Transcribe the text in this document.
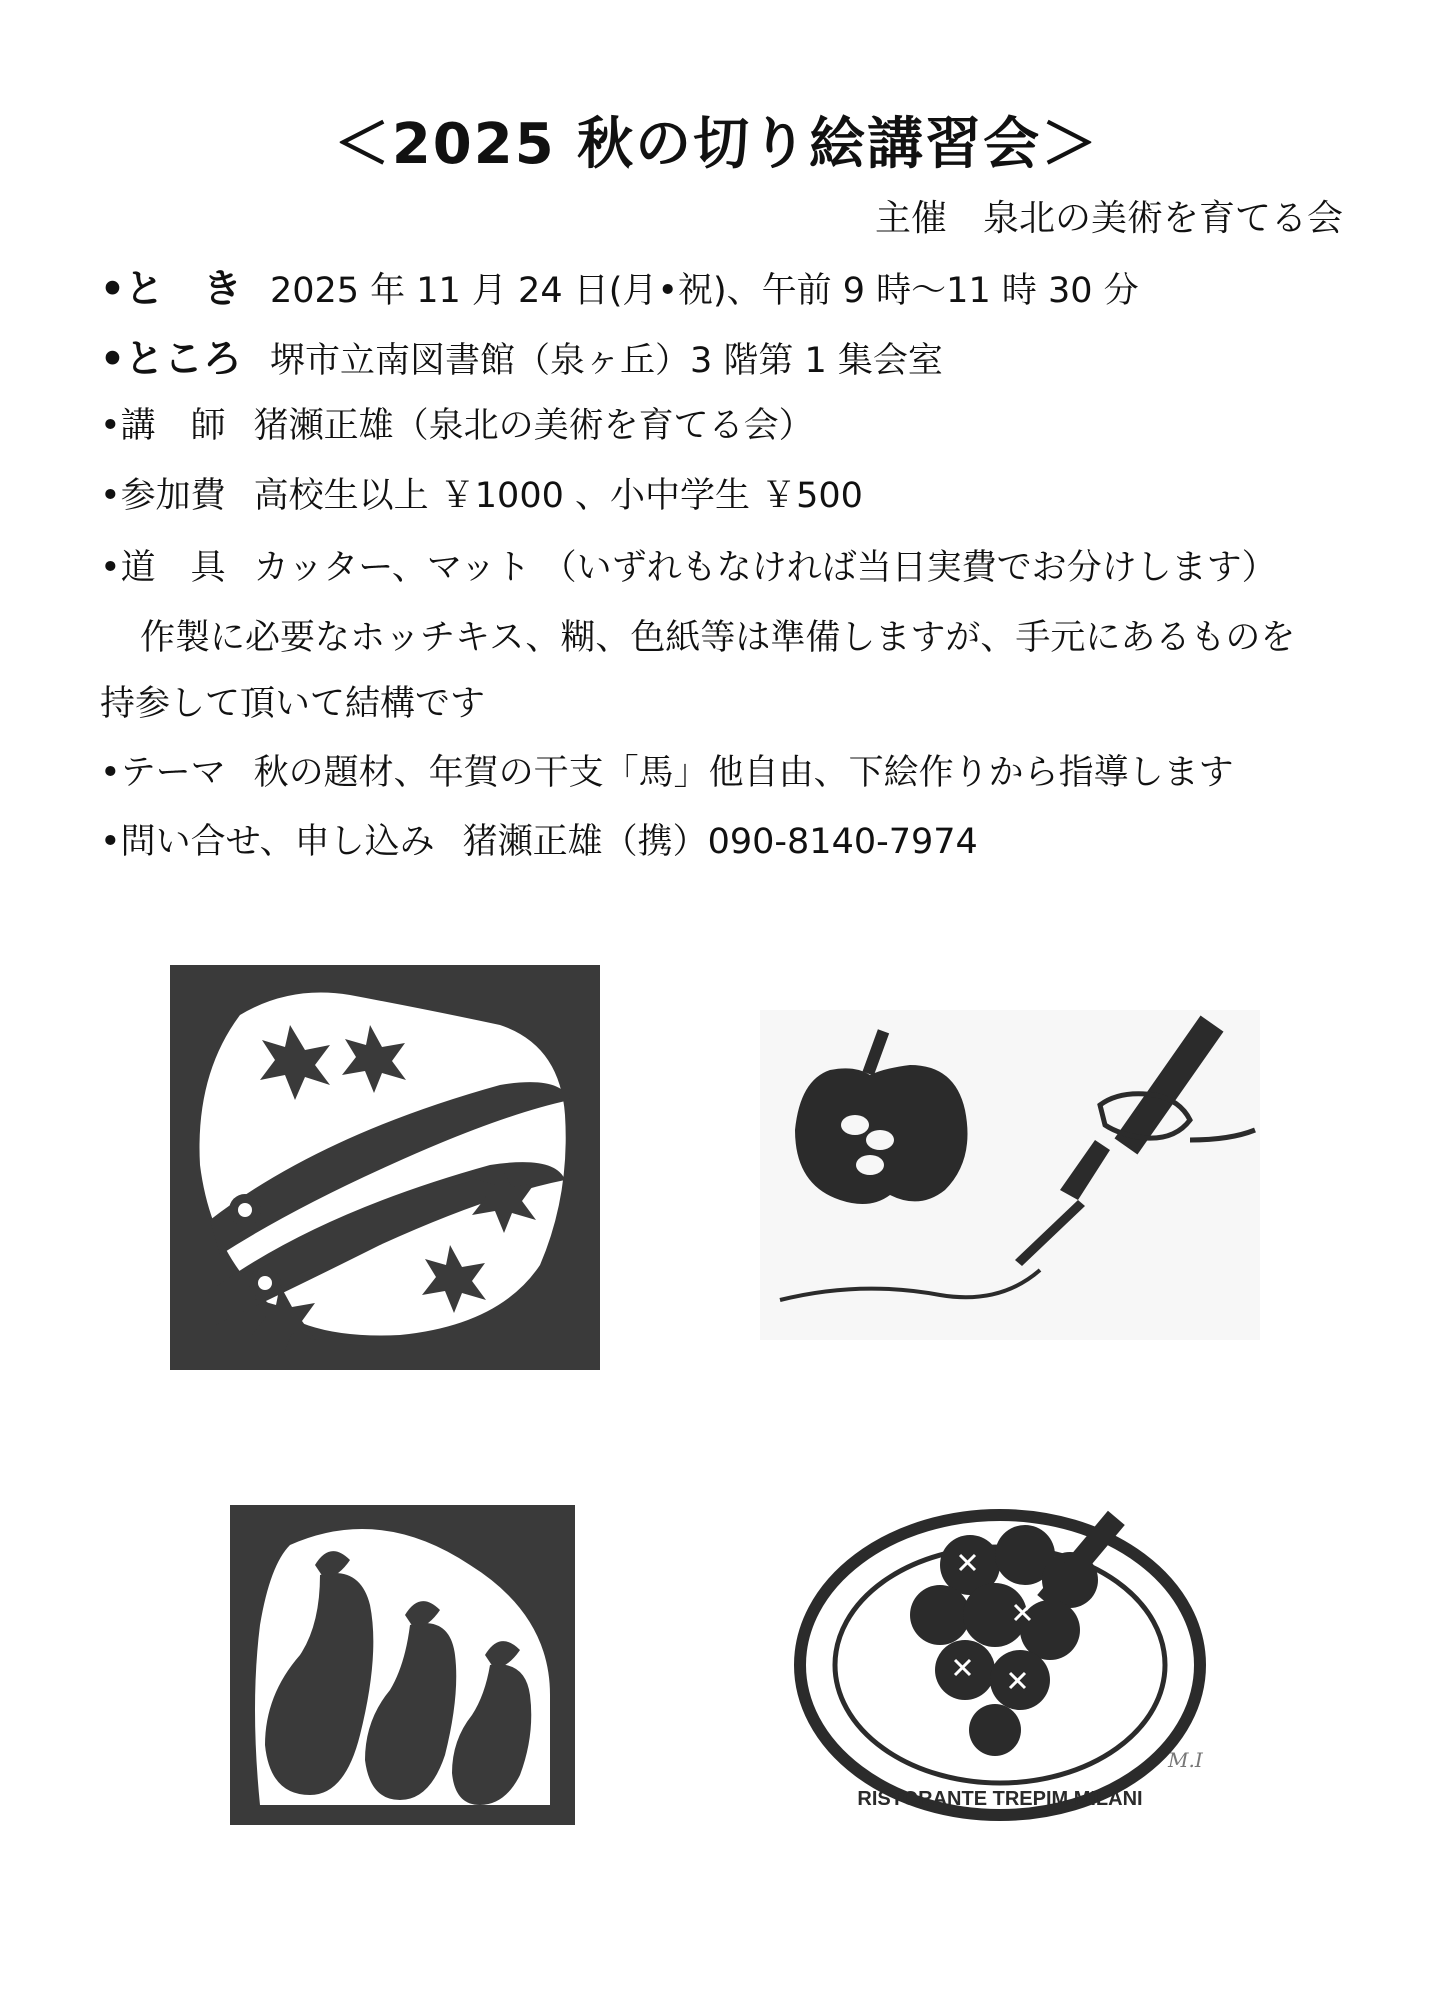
＜2025 秋の切り絵講習会＞
主催　泉北の美術を育てる会
•と　き 2025 年 11 月 24 日(月•祝)、午前 9 時～11 時 30 分
•ところ 堺市立南図書館（泉ヶ丘）3 階第 1 集会室
•講　師 猪瀬正雄（泉北の美術を育てる会）
•参加費 高校生以上 ￥1000 、小中学生 ￥500
•道　具 カッター、マット （いずれもなければ当日実費でお分けします）
作製に必要なホッチキス、糊、色紙等は準備しますが、手元にあるものを
持参して頂いて結構です
•テーマ 秋の題材、年賀の干支「馬」他自由、下絵作りから指導します
•問い合せ、申し込み 猪瀬正雄（携）090-8140-7974
RISTORANTE TREPIM MILANI
M.I
